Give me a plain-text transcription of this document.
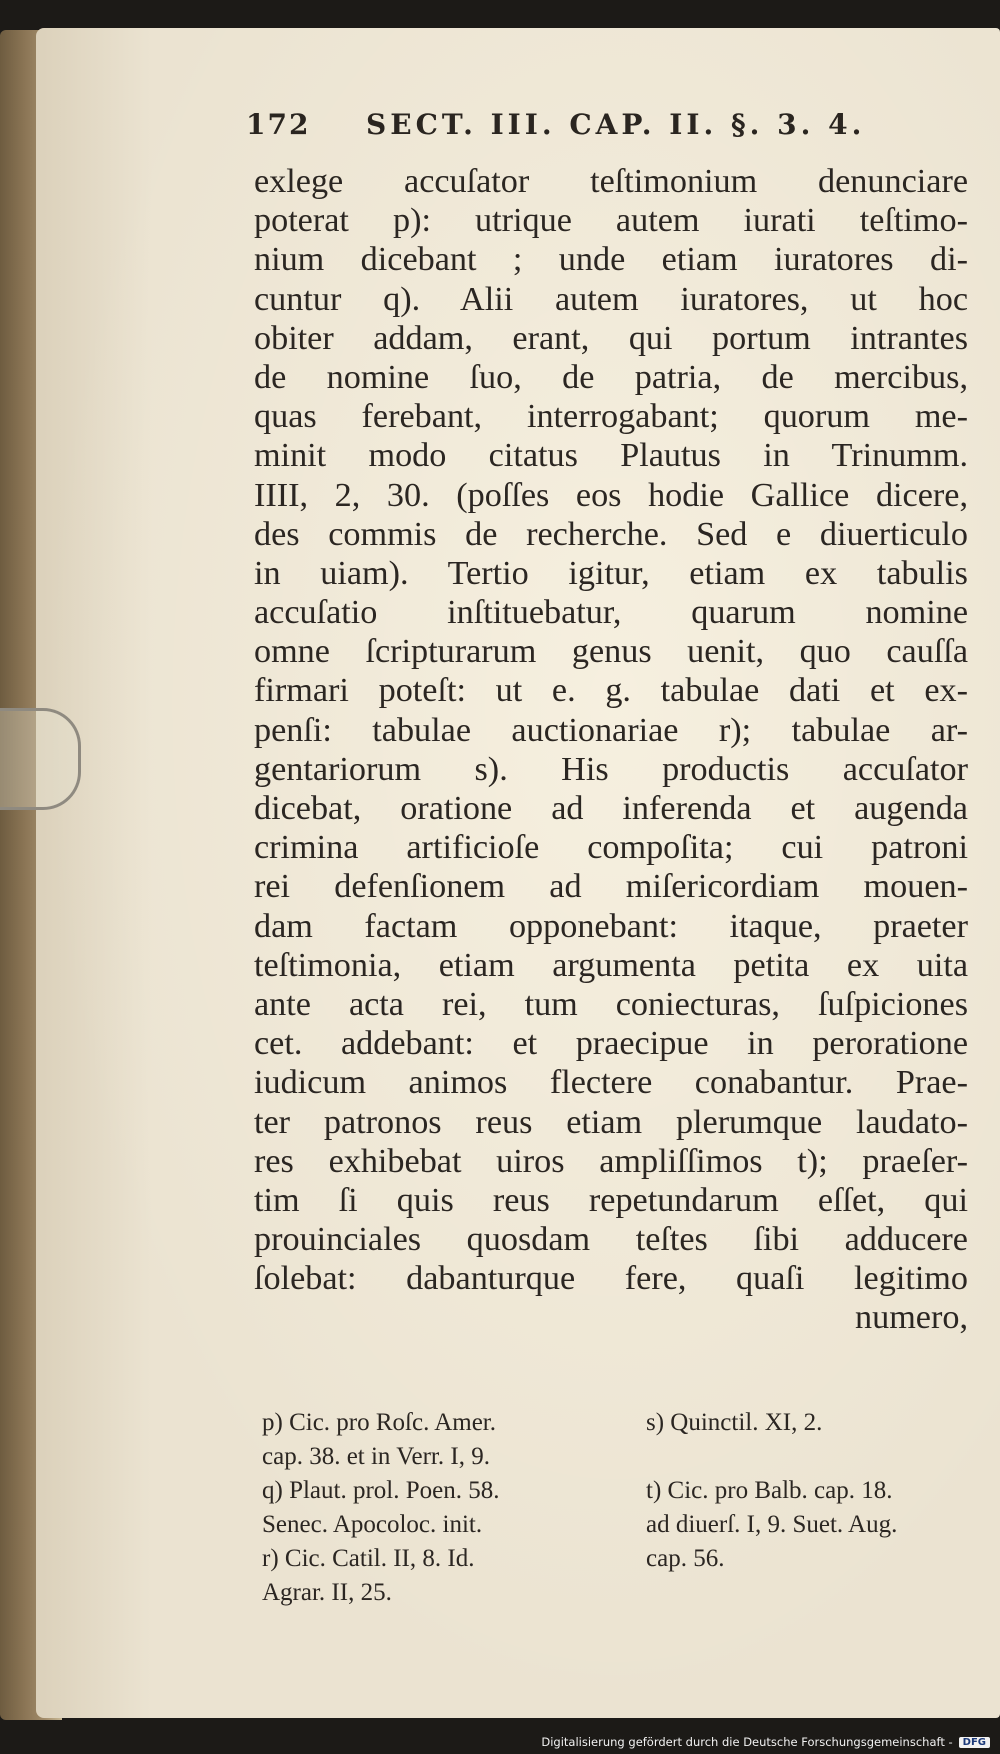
172	SECT. III. CAP. II. §. 3. 4.
exlege accuſator teſtimonium denunciare
poterat p): utrique autem iurati teſtimo-
nium dicebant ; unde etiam iuratores di-
cuntur q). Alii autem iuratores, ut hoc
obiter addam, erant, qui portum intrantes
de nomine ſuo, de patria, de mercibus,
quas ferebant, interrogabant; quorum me-
minit modo citatus Plautus in Trinumm.
IIII, 2, 30. (poſſes eos hodie Gallice dicere,
des commis de recherche. Sed e diuerticulo
in uiam). Tertio igitur, etiam ex tabulis
accuſatio inſtituebatur, quarum nomine
omne ſcripturarum genus uenit, quo cauſſa
firmari poteſt: ut e. g. tabulae dati et ex-
penſi: tabulae auctionariae r); tabulae ar-
gentariorum s). His productis accuſator
dicebat, oratione ad inferenda et augenda
crimina artificioſe compoſita; cui patroni
rei defenſionem ad miſericordiam mouen-
dam factam opponebant: itaque, praeter
teſtimonia, etiam argumenta petita ex uita
ante acta rei, tum coniecturas, ſuſpiciones
cet. addebant: et praecipue in peroratione
iudicum animos flectere conabantur. Prae-
ter patronos reus etiam plerumque laudato-
res exhibebat uiros ampliſſimos t); praeſer-
tim ſi quis reus repetundarum eſſet, qui
prouinciales quosdam teſtes ſibi adducere
ſolebat: dabanturque fere, quaſi legitimo
numero,
p) Cic. pro Roſc. Amer.
cap. 38. et in Verr. I, 9.
q) Plaut. prol. Poen. 58.
Senec. Apocoloc. init.
r) Cic. Catil. II, 8. Id.
Agrar. II, 25.
s) Quinctil. XI, 2.
t) Cic. pro Balb. cap. 18.
ad diuerſ. I, 9. Suet. Aug.
cap. 56.
Digitalisierung gefördert durch die Deutsche Forschungsgemeinschaft -	DFG
